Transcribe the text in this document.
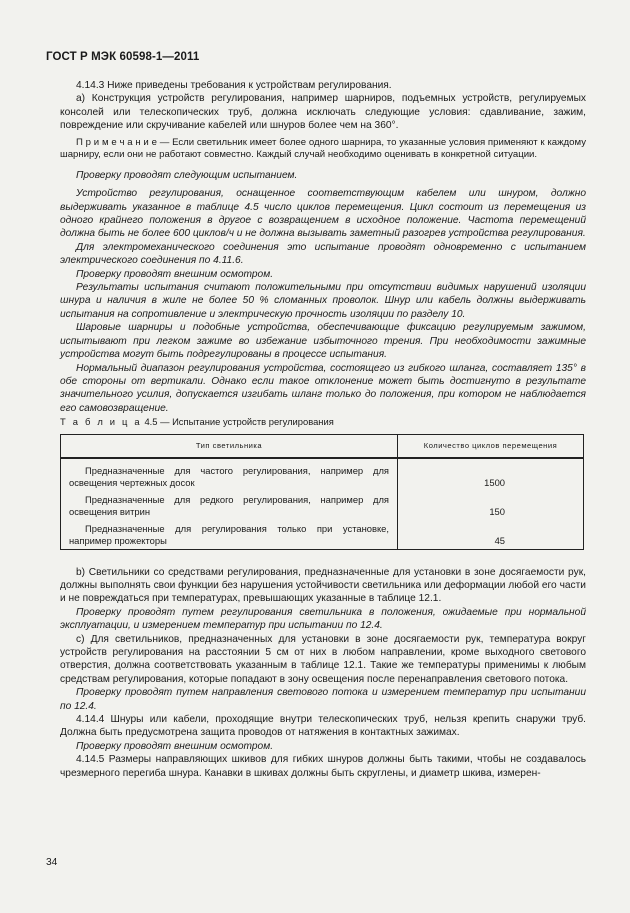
ГОСТ Р МЭК 60598-1—2011

4.14.3 Ниже приведены требования к устройствам регулирования.

а) Конструкция устройств регулирования, например шарниров, подъемных устройств, регулируемых консолей или телескопических труб, должна исключать следующие условия: сдавливание, зажим, повреждение или скручивание кабелей или шнуров более чем на 360°.

П р и м е ч а н и е — Если светильник имеет более одного шарнира, то указанные условия применяют к каждому шарниру, если они не работают совместно. Каждый случай необходимо оценивать в конкретной ситуации.

Проверку проводят следующим испытанием.

Устройство регулирования, оснащенное соответствующим кабелем или шнуром, должно выдерживать указанное в таблице 4.5 число циклов перемещения. Цикл состоит из перемещения из одного крайнего положения в другое с возвращением в исходное положение. Частота перемещений должна быть не более 600 циклов/ч и не должна вызывать заметный разогрев устройства регулирования.

Для электромеханического соединения это испытание проводят одновременно с испытанием электрического соединения по 4.11.6.

Проверку проводят внешним осмотром.

Результаты испытания считают положительными при отсутствии видимых нарушений изоляции шнура и наличия в жиле не более 50 % сломанных проволок. Шнур или кабель должны выдерживать испытания на сопротивление и электрическую прочность изоляции по разделу 10.

Шаровые шарниры и подобные устройства, обеспечивающие фиксацию регулируемым зажимом, испытывают при легком зажиме во избежание избыточного трения. При необходимости зажимные устройства могут быть подрегулированы в процессе испытания.

Нормальный диапазон регулирования устройства, состоящего из гибкого шланга, составляет 135° в обе стороны от вертикали. Однако если такое отклонение может быть достигнуто в результате значительного усилия, допускается изгибать шланг только до положения, при котором не наблюдается его самовозвращение.

Т а б л и ц а 4.5 — Испытание устройств регулирования

Тип светильника	Количество циклов перемещения
Предназначенные для частого регулирования, например для освещения чертежных досок	1500
Предназначенные для редкого регулирования, например для освещения витрин	150
Предназначенные для регулирования только при установке, например прожекторы	45

b) Светильники со средствами регулирования, предназначенные для установки в зоне досягаемости рук, должны выполнять свои функции без нарушения устойчивости светильника или деформации любой его части и не повреждаться при температурах, превышающих указанные в таблице 12.1.

Проверку проводят путем регулирования светильника в положения, ожидаемые при нормальной эксплуатации, и измерением температур при испытании по 12.4.

с) Для светильников, предназначенных для установки в зоне досягаемости рук, температура вокруг устройств регулирования на расстоянии 5 см от них в любом направлении, кроме выходного светового отверстия, должна соответствовать указанным в таблице 12.1. Такие же температуры применимы к любым средствам регулирования, которые попадают в зону освещения после перенаправления светового потока.

Проверку проводят путем направления светового потока и измерением температур при испытании по 12.4.

4.14.4 Шнуры или кабели, проходящие внутри телескопических труб, нельзя крепить снаружи труб. Должна быть предусмотрена защита проводов от натяжения в контактных зажимах.

Проверку проводят внешним осмотром.

4.14.5 Размеры направляющих шкивов для гибких шнуров должны быть такими, чтобы не создавалось чрезмерного перегиба шнура. Канавки в шкивах должны быть скруглены, и диаметр шкива, измерен-

34
